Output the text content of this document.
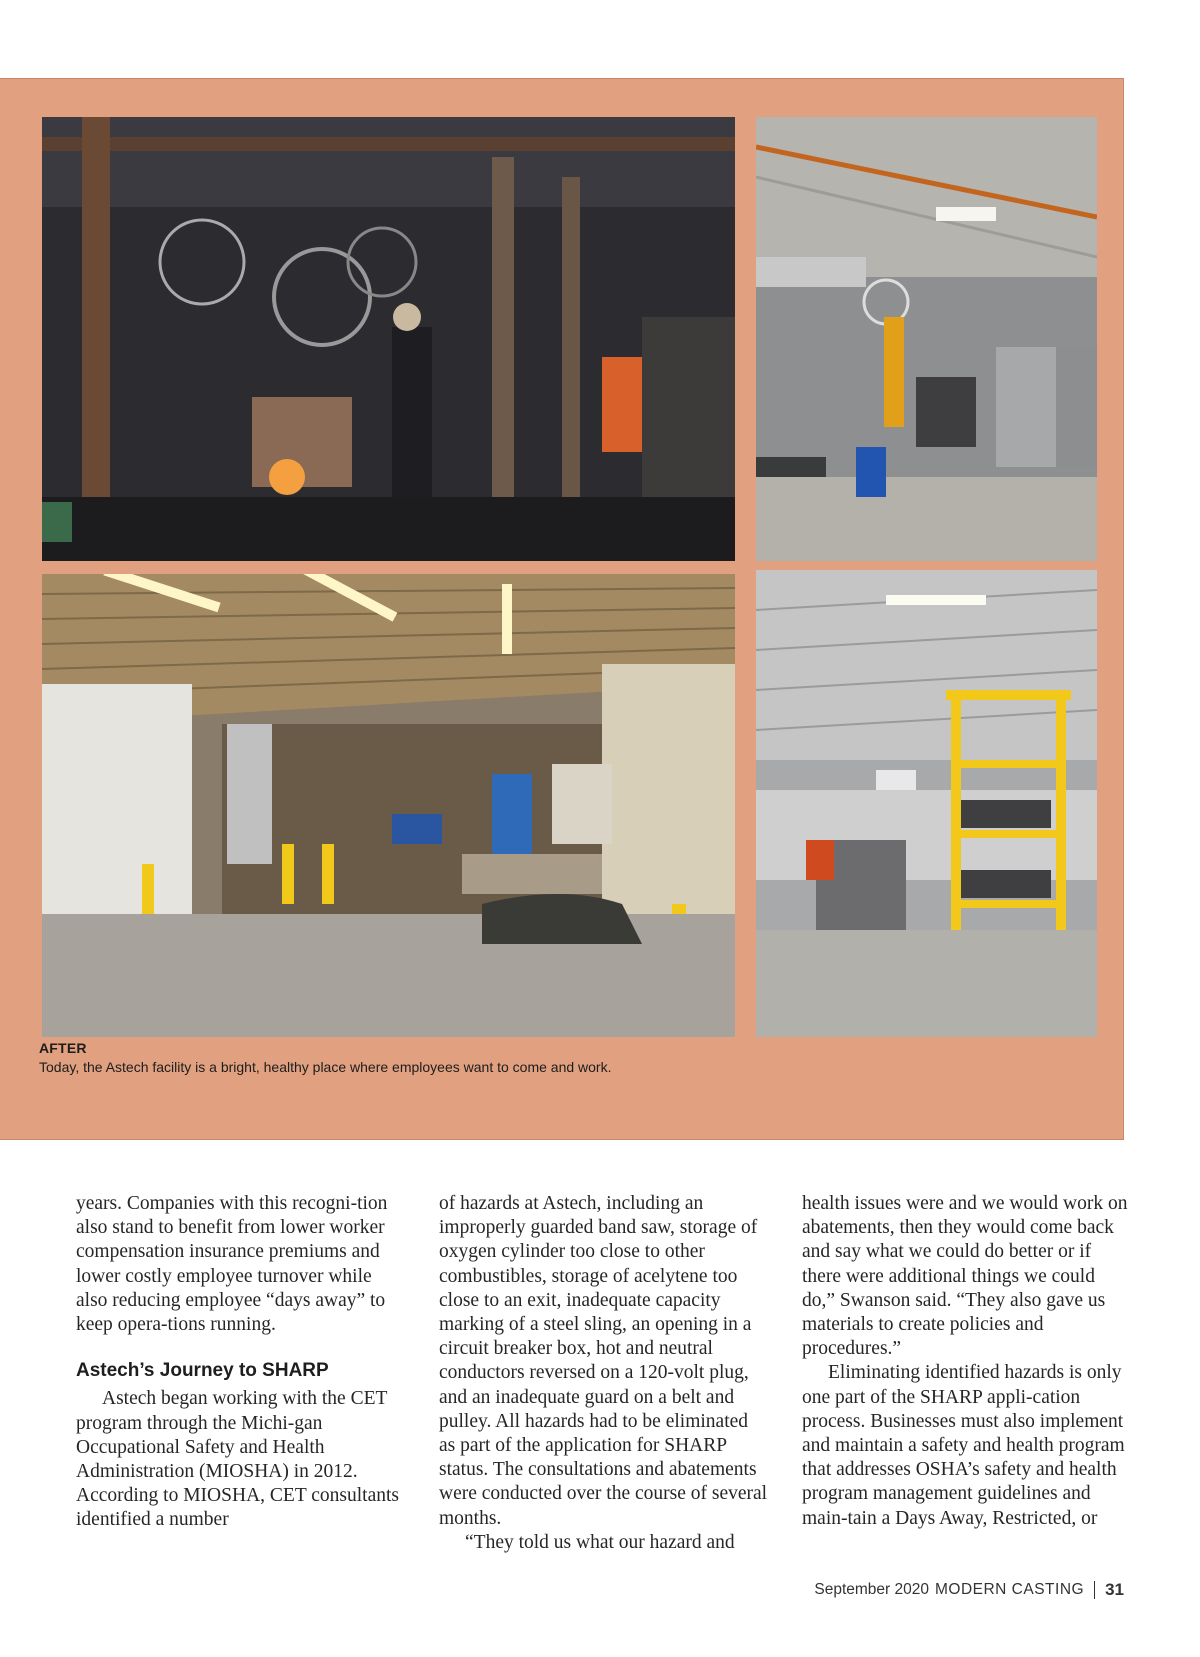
AFTER
Today, the Astech facility is a bright, healthy place where employees want to come and work.

years. Companies with this recogni-tion also stand to benefit from lower worker compensation insurance premiums and lower costly employee turnover while also reducing employee “days away” to keep opera-tions running.

Astech’s Journey to SHARP

Astech began working with the CET program through the Michi-gan Occupational Safety and Health Administration (MIOSHA) in 2012. According to MIOSHA, CET consultants identified a number

of hazards at Astech, including an improperly guarded band saw, storage of oxygen cylinder too close to other combustibles, storage of acelytene too close to an exit, inadequate capacity marking of a steel sling, an opening in a circuit breaker box, hot and neutral conductors reversed on a 120-volt plug, and an inadequate guard on a belt and pulley. All hazards had to be eliminated as part of the application for SHARP status. The consultations and abatements were conducted over the course of several months.

“They told us what our hazard and

health issues were and we would work on abatements, then they would come back and say what we could do better or if there were additional things we could do,” Swanson said. “They also gave us materials to create policies and procedures.”

Eliminating identified hazards is only one part of the SHARP appli-cation process. Businesses must also implement and maintain a safety and health program that addresses OSHA’s safety and health program management guidelines and main-tain a Days Away, Restricted, or

September 2020 MODERN CASTING 31
